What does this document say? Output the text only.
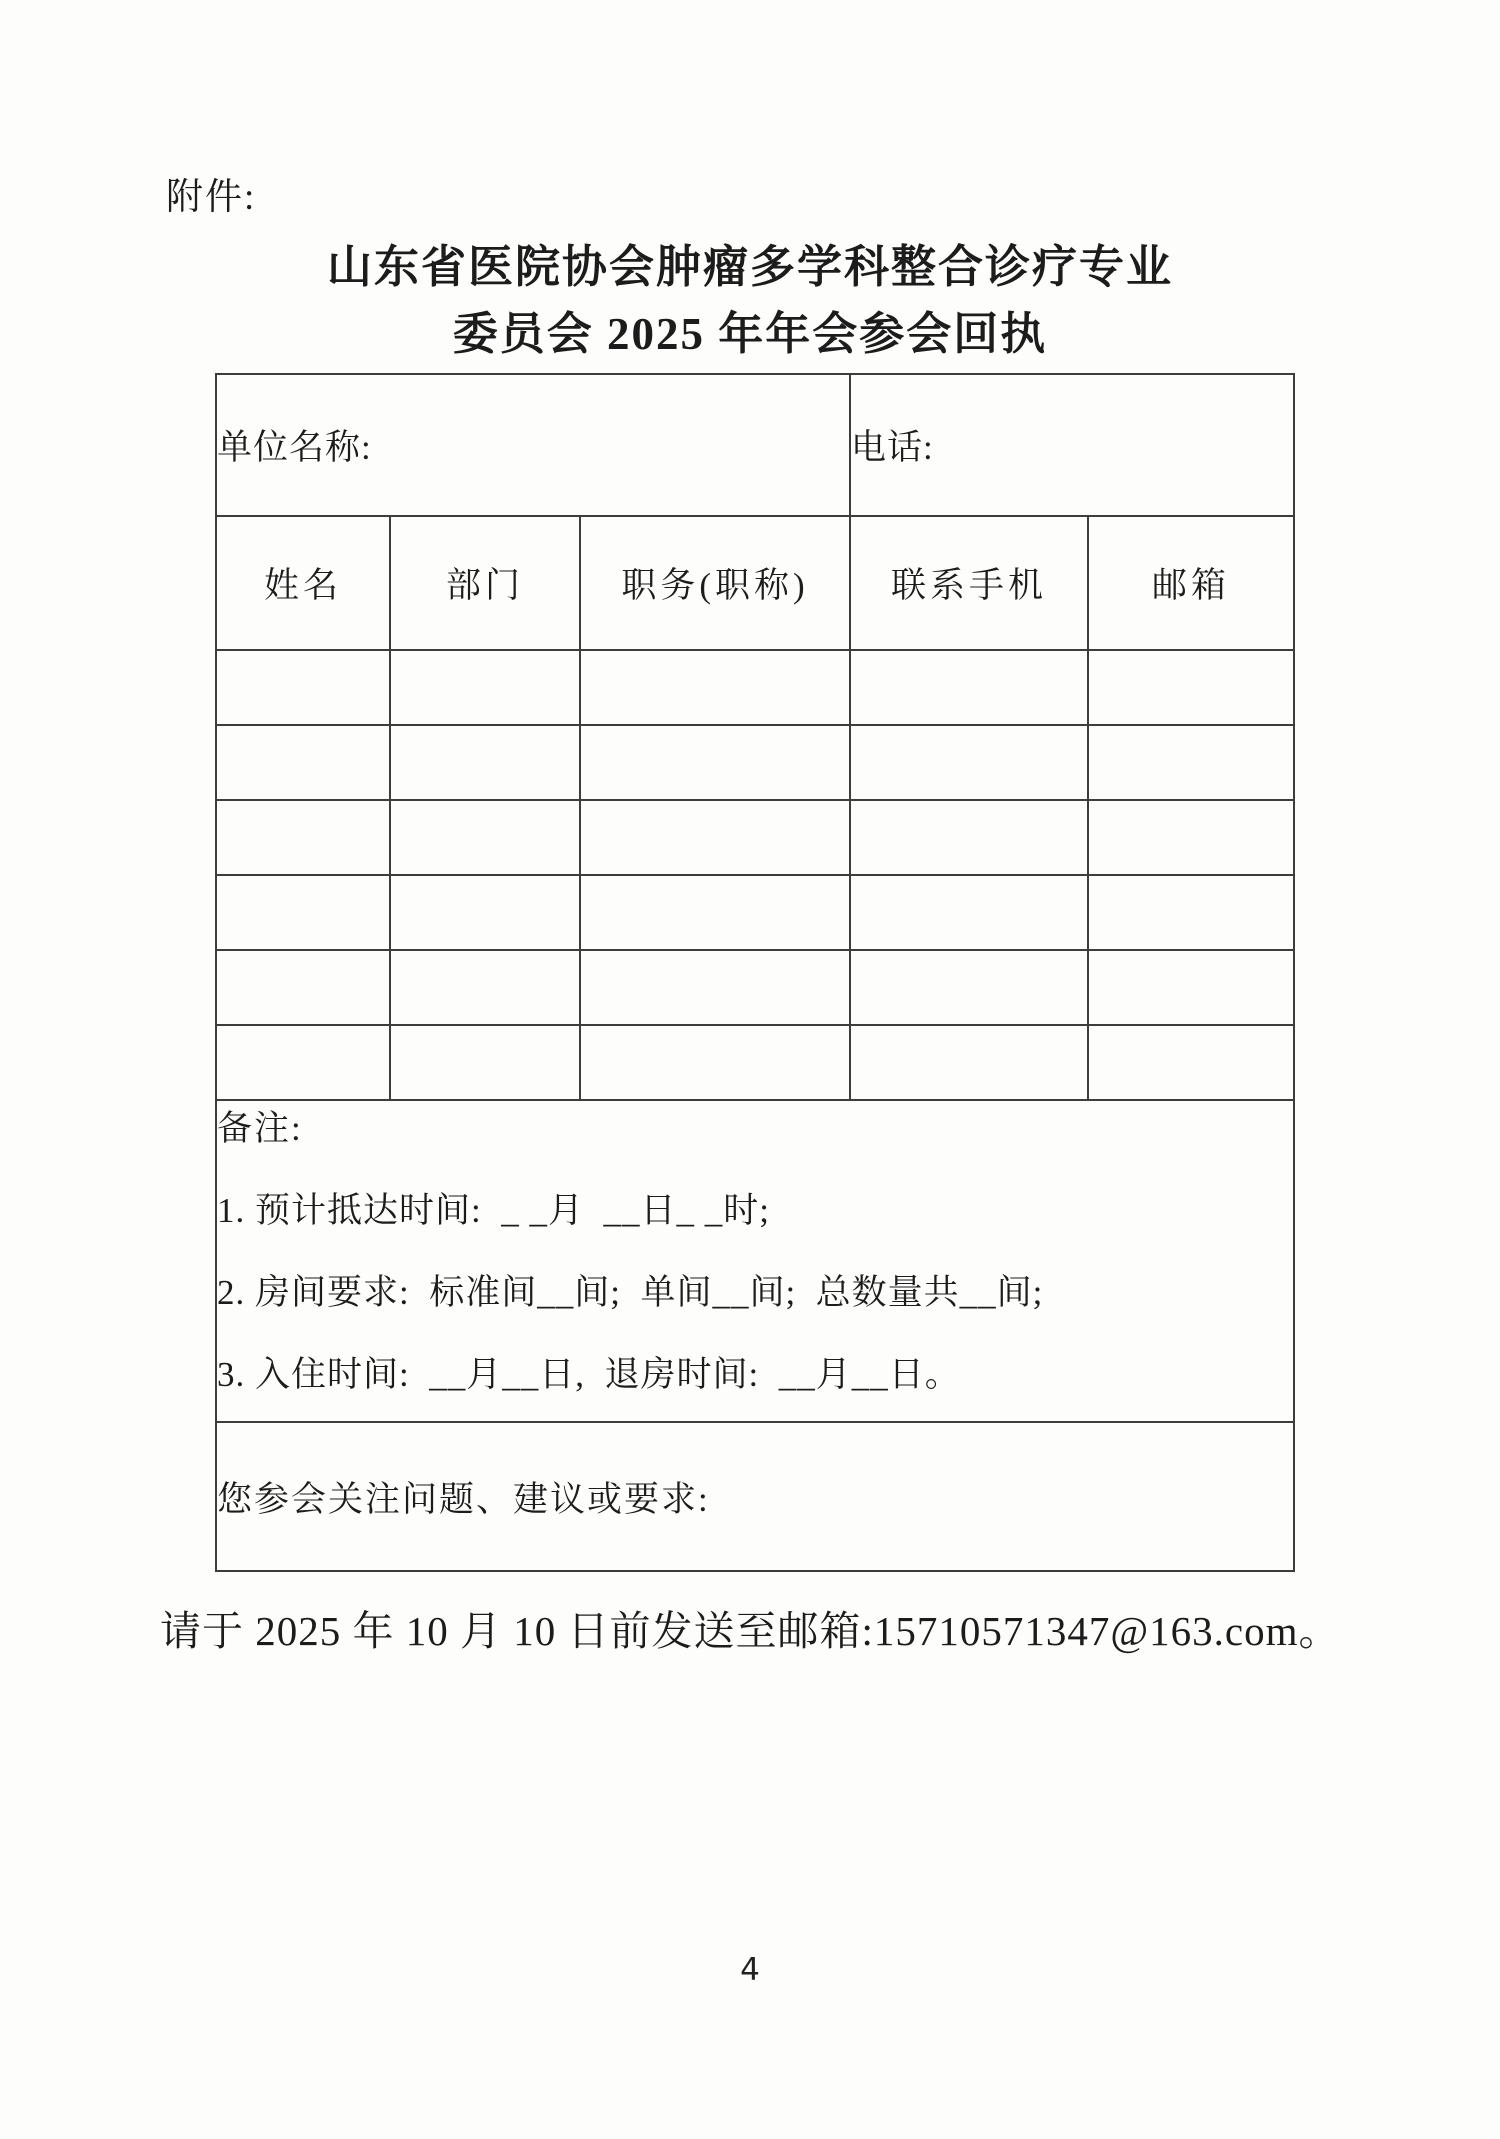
附件:
山东省医院协会肿瘤多学科整合诊疗专业
委员会 2025 年年会参会回执
单位名称:			电话:	
姓名	部门	职务(职称)	联系手机	邮箱

备注:
1. 预计抵达时间:  _ _月  __日_ _时;
2. 房间要求:  标准间__间;  单间__间;  总数量共__间;
3. 入住时间:  __月__日,  退房时间:  __月__日。				

您参会关注问题、建议或要求:				
请于 2025 年 10 月 10 日前发送至邮箱:15710571347@163.com。
4
